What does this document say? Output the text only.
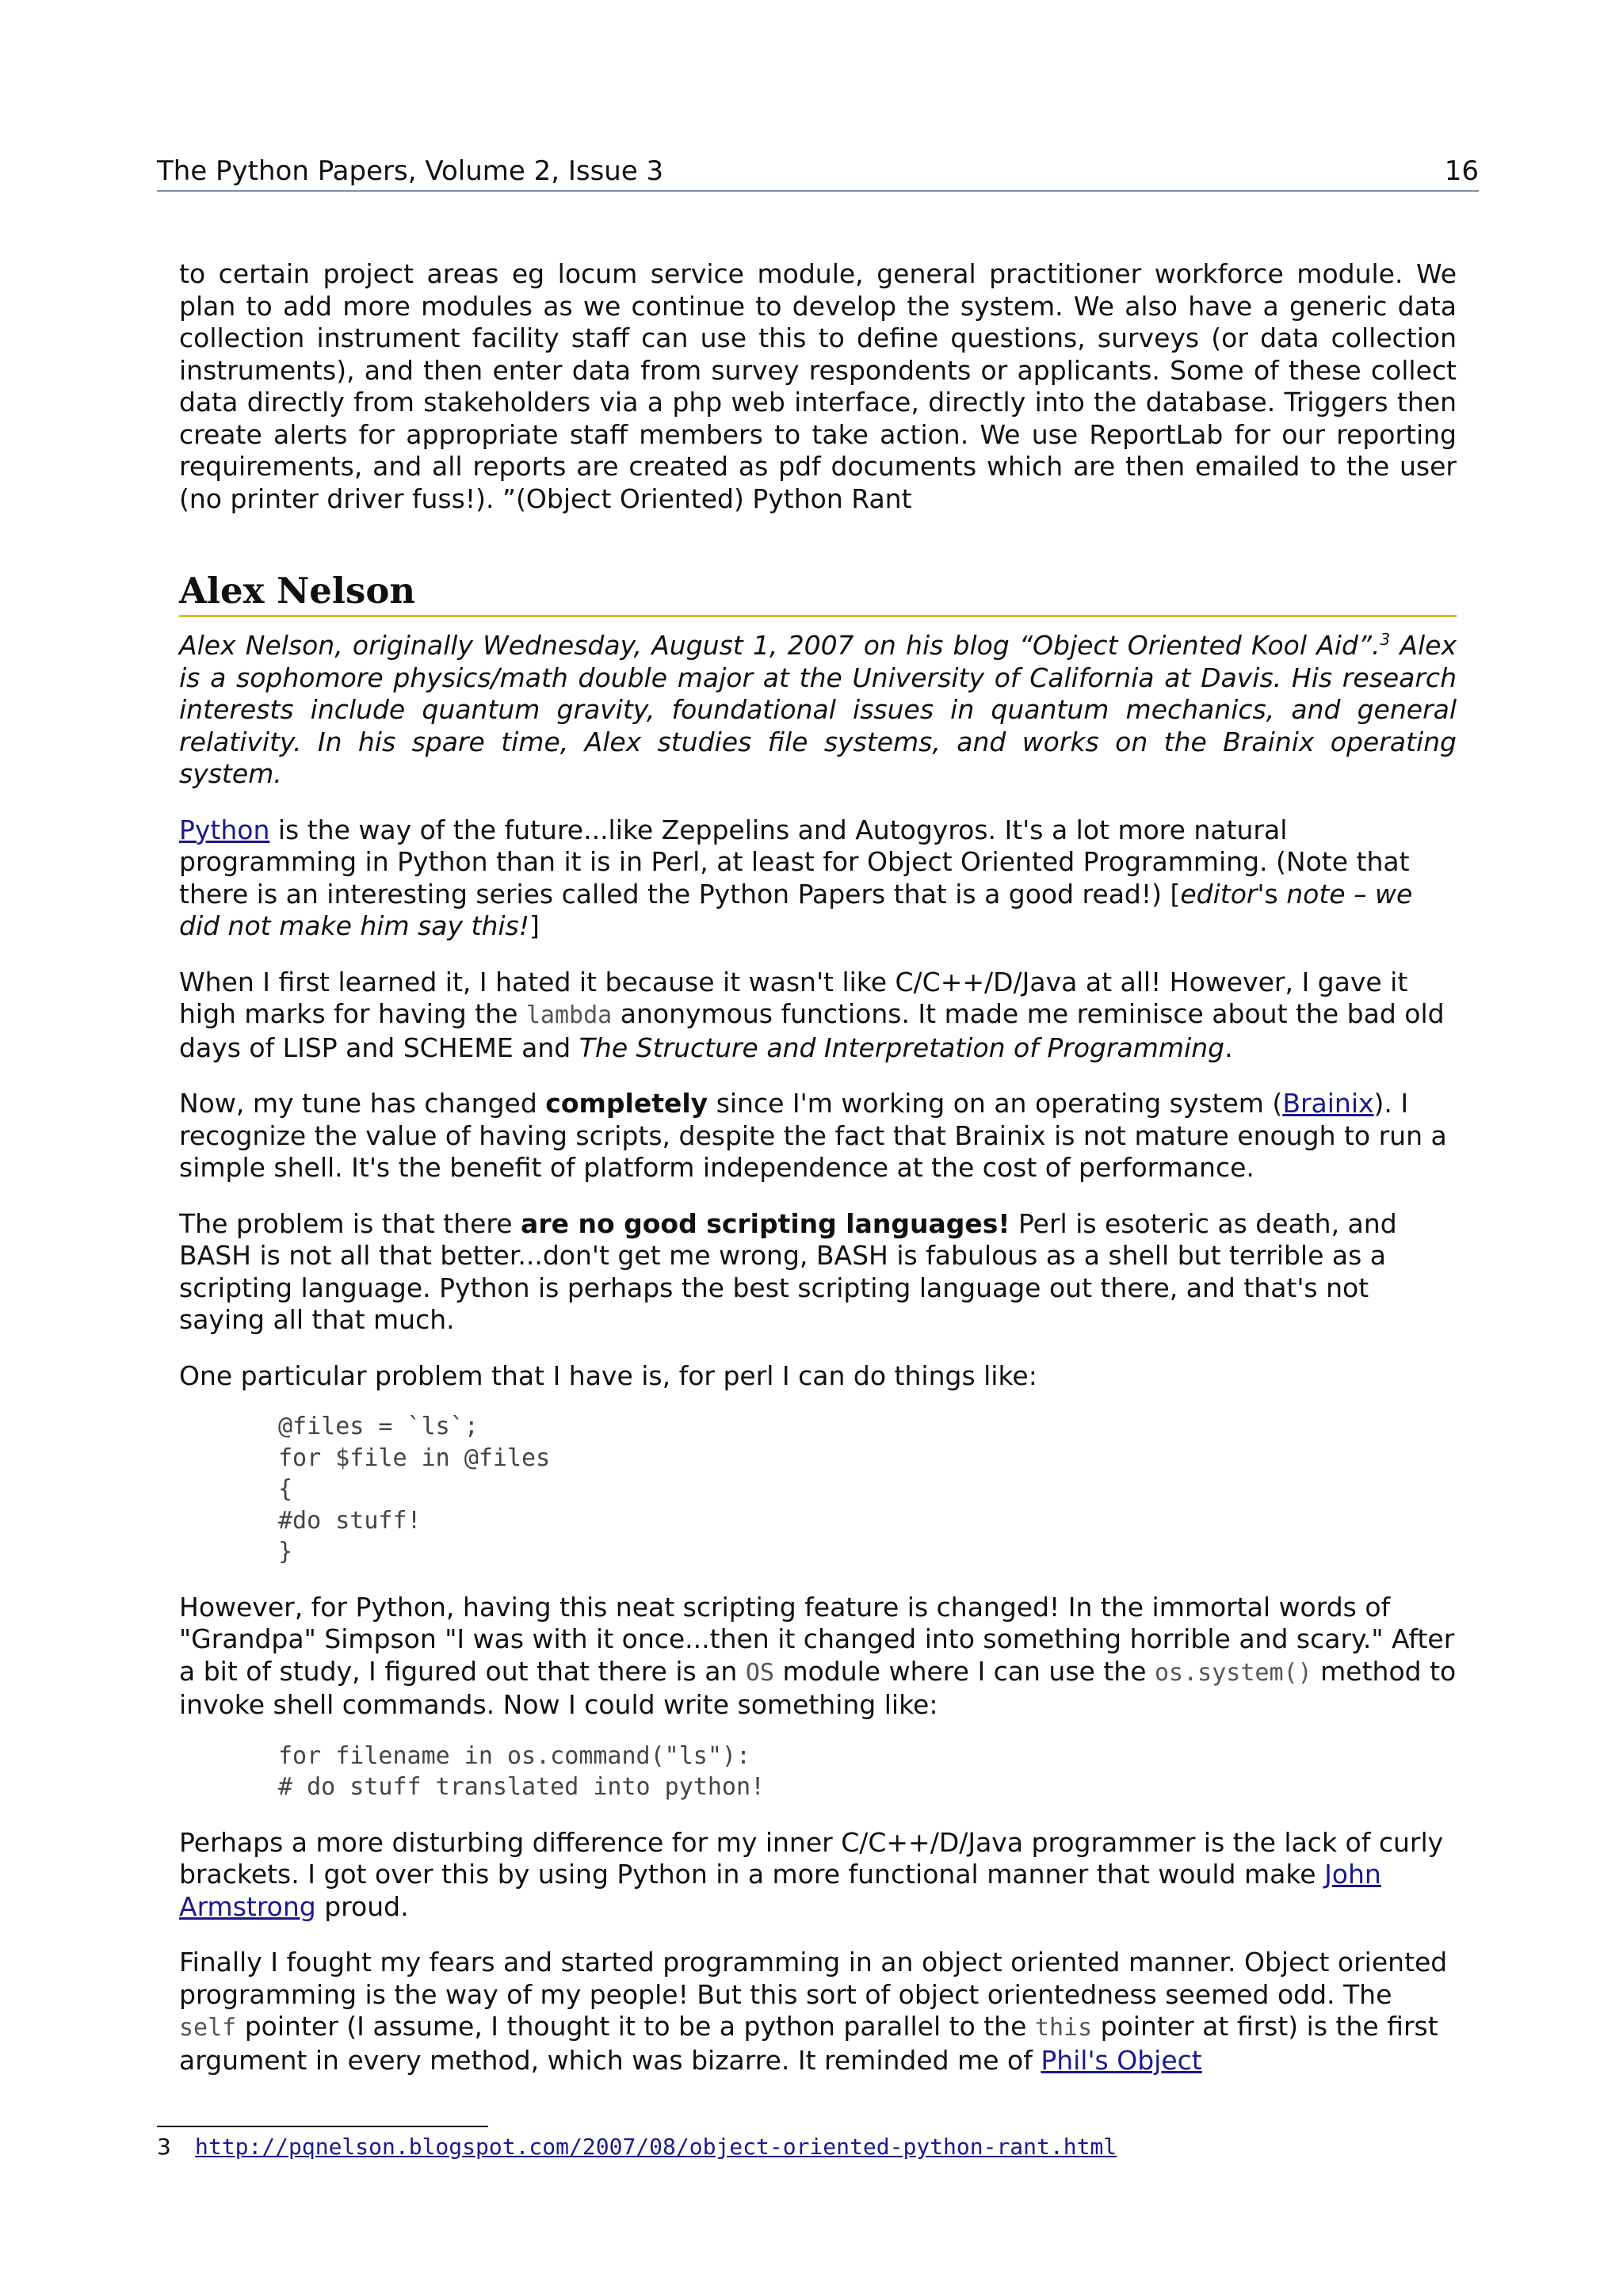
The Python Papers, Volume 2, Issue 3	16

to certain project areas eg locum service module, general practitioner workforce module. We plan to add more modules as we continue to develop the system. We also have a generic data collection instrument facility staff can use this to define questions, surveys (or data collection instruments), and then enter data from survey respondents or applicants. Some of these collect data directly from stakeholders via a php web interface, directly into the database. Triggers then create alerts for appropriate staff members to take action. We use ReportLab for our reporting requirements, and all reports are created as pdf documents which are then emailed to the user (no printer driver fuss!). ”(Object Oriented) Python Rant

Alex Nelson

Alex Nelson, originally Wednesday, August 1, 2007 on his blog “Object Oriented Kool Aid”.$^3$ Alex is a sophomore physics/math double major at the University of California at Davis. His research interests include quantum gravity, foundational issues in quantum mechanics, and general relativity. In his spare time, Alex studies file systems, and works on the Brainix operating system.

Python is the way of the future...like Zeppelins and Autogyros. It's a lot more natural programming in Python than it is in Perl, at least for Object Oriented Programming. (Note that there is an interesting series called the Python Papers that is a good read!) [editor's note – we did not make him say this!]

When I first learned it, I hated it because it wasn't like C/C++/D/Java at all! However, I gave it high marks for having the lambda anonymous functions. It made me reminisce about the bad old days of LISP and SCHEME and The Structure and Interpretation of Programming.

Now, my tune has changed completely since I'm working on an operating system (Brainix). I recognize the value of having scripts, despite the fact that Brainix is not mature enough to run a simple shell. It's the benefit of platform independence at the cost of performance.

The problem is that there are no good scripting languages! Perl is esoteric as death, and BASH is not all that better...don't get me wrong, BASH is fabulous as a shell but terrible as a scripting language. Python is perhaps the best scripting language out there, and that's not saying all that much.

One particular problem that I have is, for perl I can do things like:

@files = `ls`;
for $file in @files
{
#do stuff!
}

However, for Python, having this neat scripting feature is changed! In the immortal words of "Grandpa" Simpson "I was with it once...then it changed into something horrible and scary." After a bit of study, I figured out that there is an OS module where I can use the os.system() method to invoke shell commands. Now I could write something like:

for filename in os.command("ls"):
# do stuff translated into python!

Perhaps a more disturbing difference for my inner C/C++/D/Java programmer is the lack of curly brackets. I got over this by using Python in a more functional manner that would make John Armstrong proud.

Finally I fought my fears and started programming in an object oriented manner. Object oriented programming is the way of my people! But this sort of object orientedness seemed odd. The self pointer (I assume, I thought it to be a python parallel to the this pointer at first) is the first argument in every method, which was bizarre. It reminded me of Phil's Object

3 http://pqnelson.blogspot.com/2007/08/object-oriented-python-rant.html
